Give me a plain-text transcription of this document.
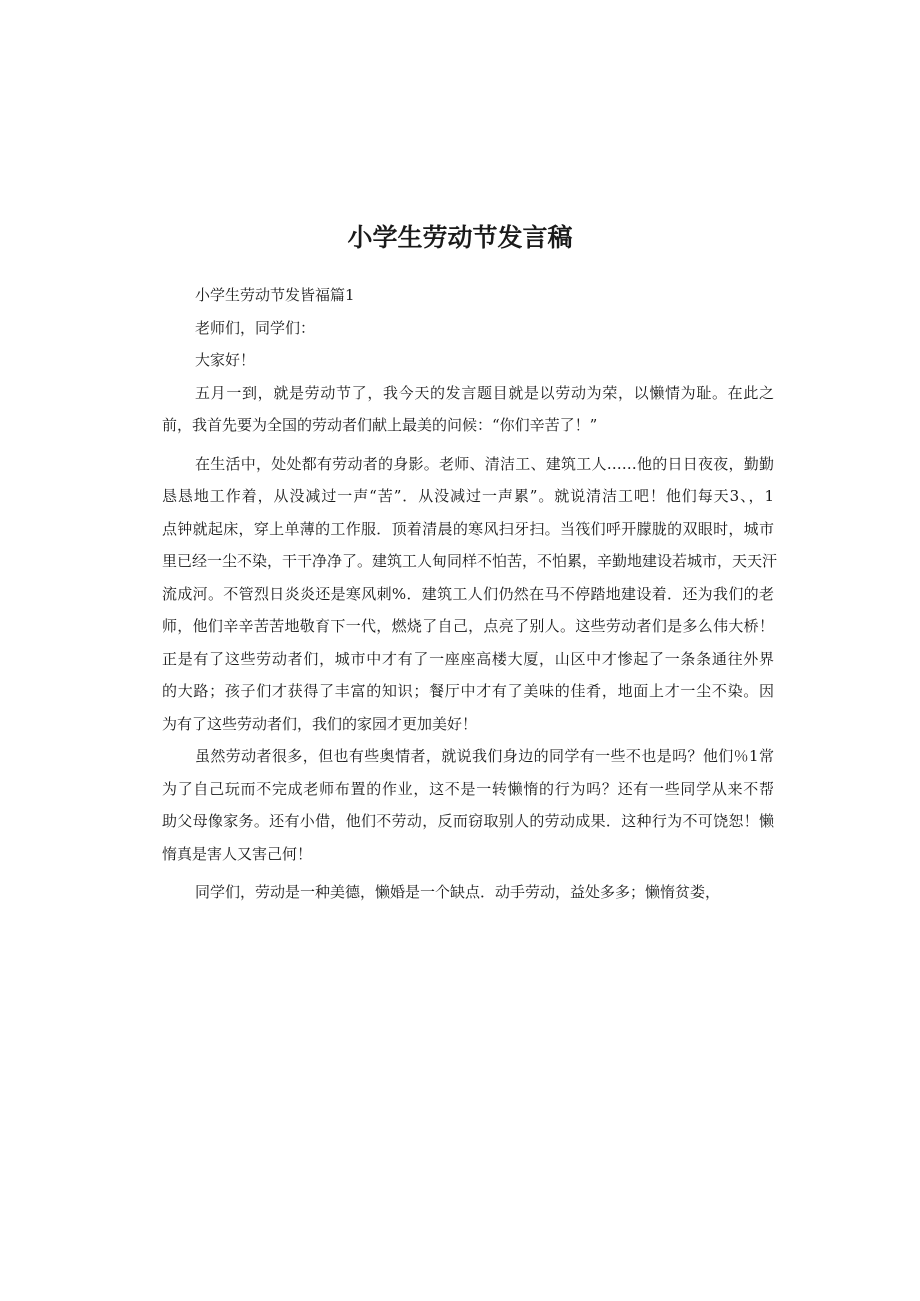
小学生劳动节发言稿
小学生劳动节发皆福篇1
老师们，同学们：
大家好！
五月一到，就是劳动节了，我今天的发言题目就是以劳动为荣，以懒情为耻。在此之
前，我首先要为全国的劳动者们献上最美的问候：“你们辛苦了！”
在生活中，处处都有劳动者的身影。老师、清洁工、建筑工人……他的日日夜夜，勤勤
恳恳地工作着，从没减过一声“苦”．从没减过一声累”。就说清洁工吧！他们每天3、，1
点钟就起床，穿上单薄的工作服．顶着清晨的寒风扫牙扫。当筏们呼开朦胧的双眼时，城市
里已经一尘不染，干干净净了。建筑工人甸同样不怕苦，不怕累，辛勤地建设若城市，天天汗
流成河。不管烈日炎炎还是寒风刺%．建筑工人们仍然在马不停踏地建设着．还为我们的老
师，他们辛辛苦苦地敬育下一代，燃烧了自己，点亮了别人。这些劳动者们是多么伟大桥！
正是有了这些劳动者们，城市中才有了一座座高楼大厦，山区中才惨起了一条条通往外界
的大路；孩子们才获得了丰富的知识；餐厅中才有了美味的佳肴，地面上才一尘不染。因
为有了这些劳动者们，我们的家园才更加美好！
虽然劳动者很多，但也有些奥情者，就说我们身边的同学有一些不也是吗？他们％1常
为了自己玩而不完成老师布置的作业，这不是一转懒惰的行为吗？还有一些同学从来不帮
助父母像家务。还有小借，他们不劳动，反而窃取别人的劳动成果．这种行为不可饶恕！懒
惰真是害人又害己何！
同学们，劳动是一种美德，懒婚是一个缺点．动手劳动，益处多多；懒惰贫娄，
